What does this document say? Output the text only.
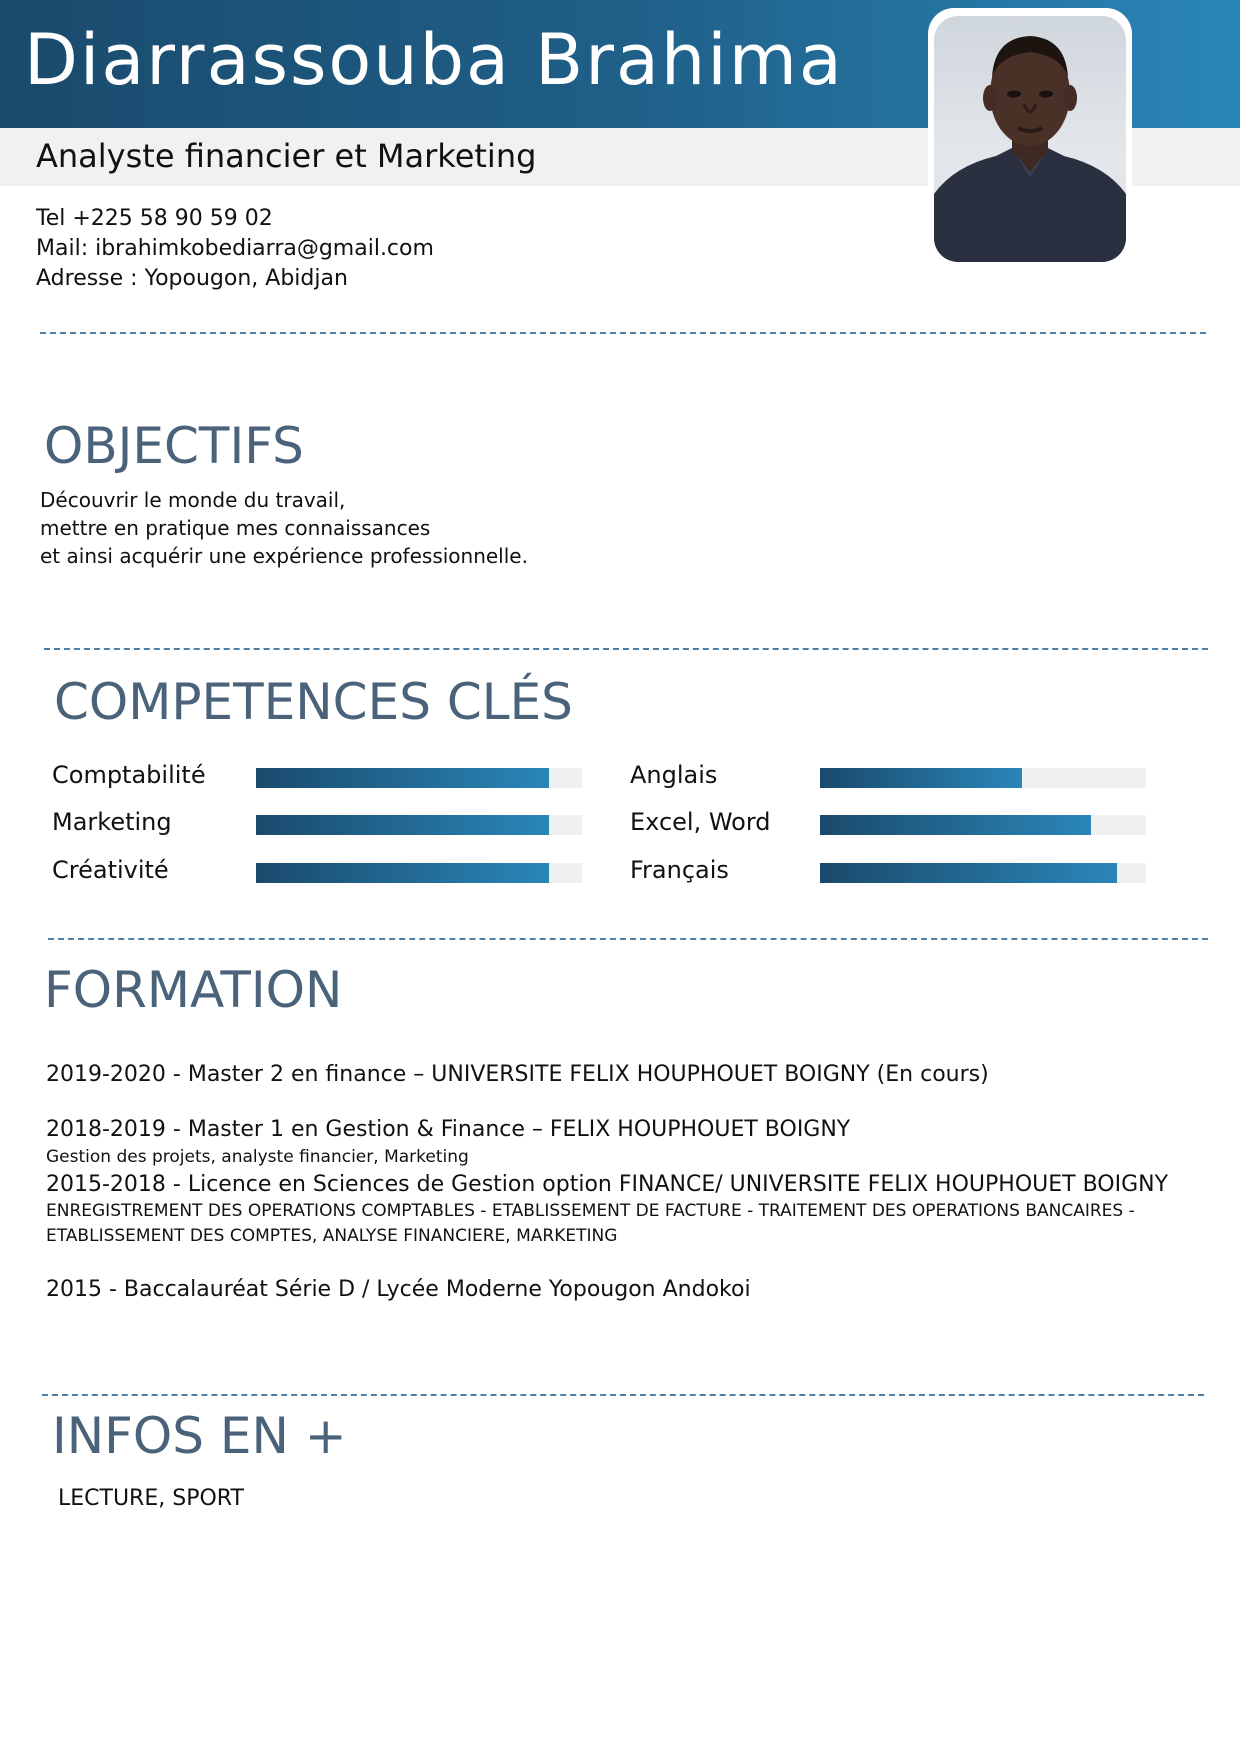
Diarrassouba Brahima
Analyste financier et Marketing
Tel +225 58 90 59 02
Mail: ibrahimkobediarra@gmail.com
Adresse : Yopougon, Abidjan
OBJECTIFS
Découvrir le monde du travail,
mettre en pratique mes connaissances
et ainsi acquérir une expérience professionnelle.
COMPETENCES CLÉS
Comptabilité
Marketing
Créativité
Anglais
Excel, Word
Français
FORMATION
2019-2020 - Master 2 en finance – UNIVERSITE FELIX HOUPHOUET BOIGNY (En cours)
2018-2019 - Master 1 en Gestion & Finance – FELIX HOUPHOUET BOIGNY
Gestion des projets, analyste financier, Marketing
2015-2018 - Licence en Sciences de Gestion option FINANCE/ UNIVERSITE FELIX HOUPHOUET BOIGNY
ENREGISTREMENT DES OPERATIONS COMPTABLES - ETABLISSEMENT DE FACTURE - TRAITEMENT DES OPERATIONS BANCAIRES -
ETABLISSEMENT DES COMPTES, ANALYSE FINANCIERE, MARKETING
2015 - Baccalauréat Série D / Lycée Moderne Yopougon Andokoi
INFOS EN +
LECTURE, SPORT
